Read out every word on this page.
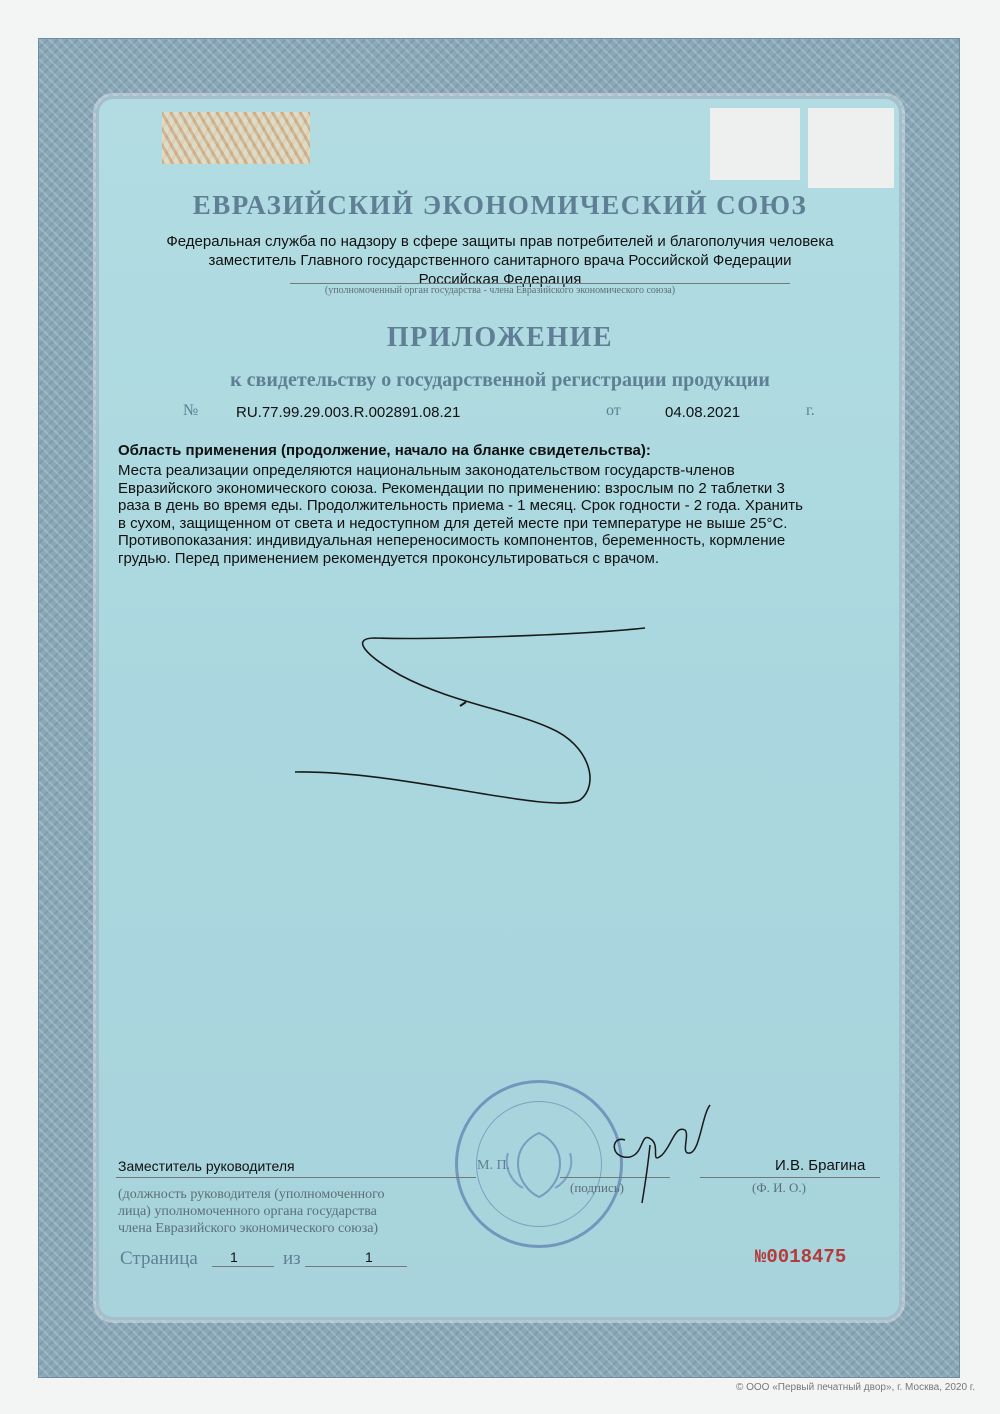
ЕВРАЗИЙСКИЙ ЭКОНОМИЧЕСКИЙ СОЮЗ
Федеральная служба по надзору в сфере защиты прав потребителей и благополучия человека
заместитель Главного государственного санитарного врача Российской Федерации
Российская Федерация
(уполномоченный орган государства - члена Евразийского экономического союза)
ПРИЛОЖЕНИЕ
к свидетельству о государственной регистрации продукции
№	RU.77.99.29.003.R.002891.08.21	от	04.08.2021	г.
Область применения (продолжение, начало на бланке свидетельства):
Места реализации определяются национальным законодательством государств-членов
Евразийского экономического союза. Рекомендации по применению: взрослым по 2 таблетки 3
раза в день во время еды. Продолжительность приема - 1 месяц. Срок годности - 2 года. Хранить
в сухом, защищенном от света и недоступном для детей месте при температуре не выше 25°С.
Противопоказания: индивидуальная непереносимость компонентов, беременность, кормление
грудью. Перед применением рекомендуется проконсультироваться с врачом.
Заместитель руководителя	М. П.
(подпись)
И.В. Брагина
(Ф. И. О.)
(должность руководителя (уполномоченного
лица) уполномоченного органа государства
члена Евразийского экономического союза)
Страница 1 из	1	№0018475
© ООО «Первый печатный двор», г. Москва, 2020 г.
